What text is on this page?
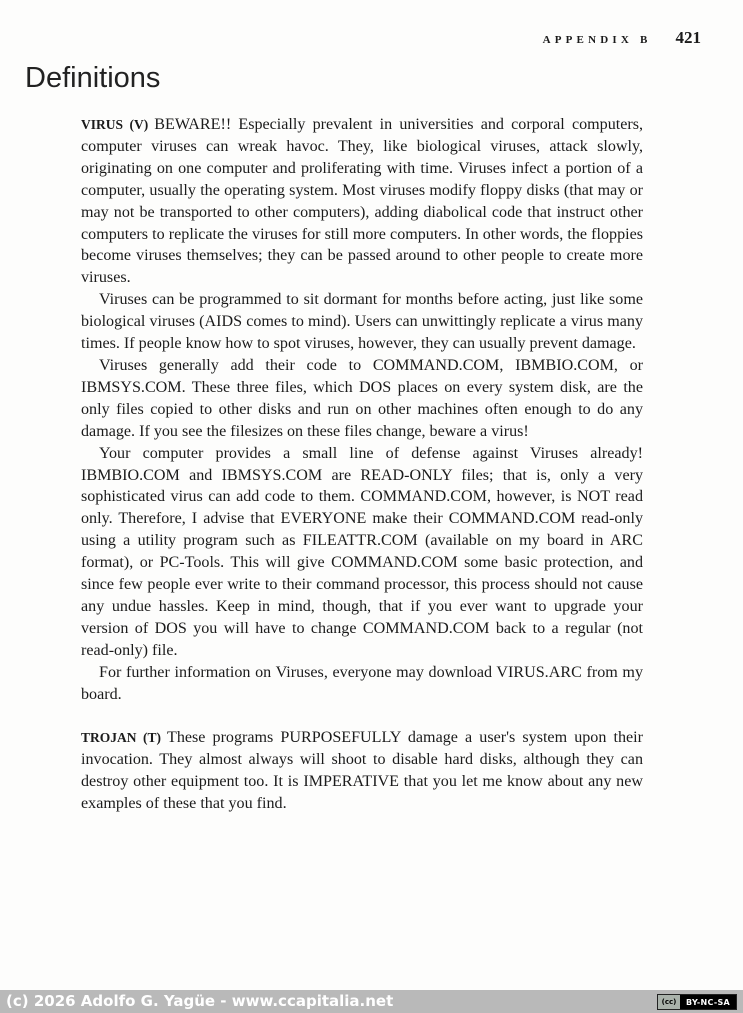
APPENDIX B 421
Definitions

VIRUS (V) BEWARE!! Especially prevalent in universities and corporal computers, computer viruses can wreak havoc. They, like biological viruses, attack slowly, originating on one computer and proliferating with time. Viruses infect a portion of a computer, usually the operating system. Most viruses modify floppy disks (that may or may not be transported to other computers), adding diabolical code that instruct other computers to replicate the viruses for still more computers. In other words, the floppies become viruses themselves; they can be passed around to other people to create more viruses.

Viruses can be programmed to sit dormant for months before acting, just like some biological viruses (AIDS comes to mind). Users can unwittingly replicate a virus many times. If people know how to spot viruses, however, they can usually prevent damage.

Viruses generally add their code to COMMAND.COM, IBMBIO.COM, or IBMSYS.COM. These three files, which DOS places on every system disk, are the only files copied to other disks and run on other machines often enough to do any damage. If you see the filesizes on these files change, beware a virus!

Your computer provides a small line of defense against Viruses already! IBMBIO.COM and IBMSYS.COM are READ-ONLY files; that is, only a very sophisticated virus can add code to them. COMMAND.COM, however, is NOT read only. Therefore, I advise that EVERYONE make their COMMAND.COM read-only using a utility program such as FILEATTR.COM (available on my board in ARC format), or PC-Tools. This will give COMMAND.COM some basic protection, and since few people ever write to their command processor, this process should not cause any undue hassles. Keep in mind, though, that if you ever want to upgrade your version of DOS you will have to change COMMAND.COM back to a regular (not read-only) file.

For further information on Viruses, everyone may download VIRUS.ARC from my board.

TROJAN (T) These programs PURPOSEFULLY damage a user's system upon their invocation. They almost always will shoot to disable hard disks, although they can destroy other equipment too. It is IMPERATIVE that you let me know about any new examples of these that you find.

(c) 2026 Adolfo G. Yagüe - www.ccapitalia.net	(cc)	BY-NC-SA
